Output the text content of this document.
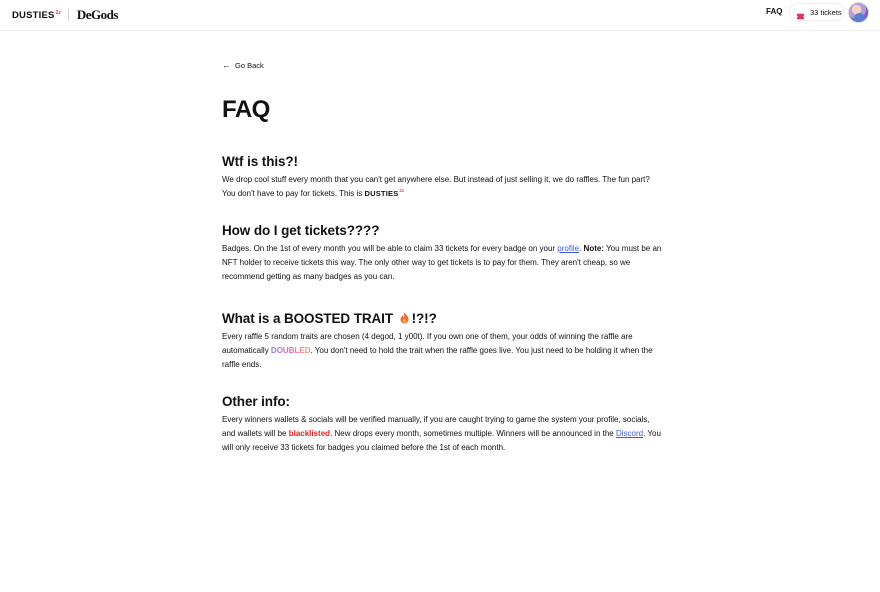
DUSTIES 2z DeGods	FAQ	33 tickets
← Go Back
FAQ
Wtf is this?!

We drop cool stuff every month that you can't get anywhere else. But instead of just selling it, we do raffles. The fun part? You don't have to pay for tickets. This is $DUSTIES^{2z}$

How do I get tickets????

Badges. On the 1st of every month you will be able to claim 33 tickets for every badge on your profile. Note: You must be an NFT holder to receive tickets this way. The only other way to get tickets is to pay for them. They aren't cheap, so we recommend getting as many badges as you can.

What is a BOOSTED TRAIT !?!?

Every raffle 5 random traits are chosen (4 degod, 1 y00t). If you own one of them, your odds of winning the raffle are automatically DOUBLED. You don't need to hold the trait when the raffle goes live. You just need to be holding it when the raffle ends.

Other info:

Every winners wallets & socials will be verified manually, if you are caught trying to game the system your profile, socials, and wallets will be blacklisted. New drops every month, sometimes multiple. Winners will be announced in the Discord. You will only receive 33 tickets for badges you claimed before the 1st of each month.
